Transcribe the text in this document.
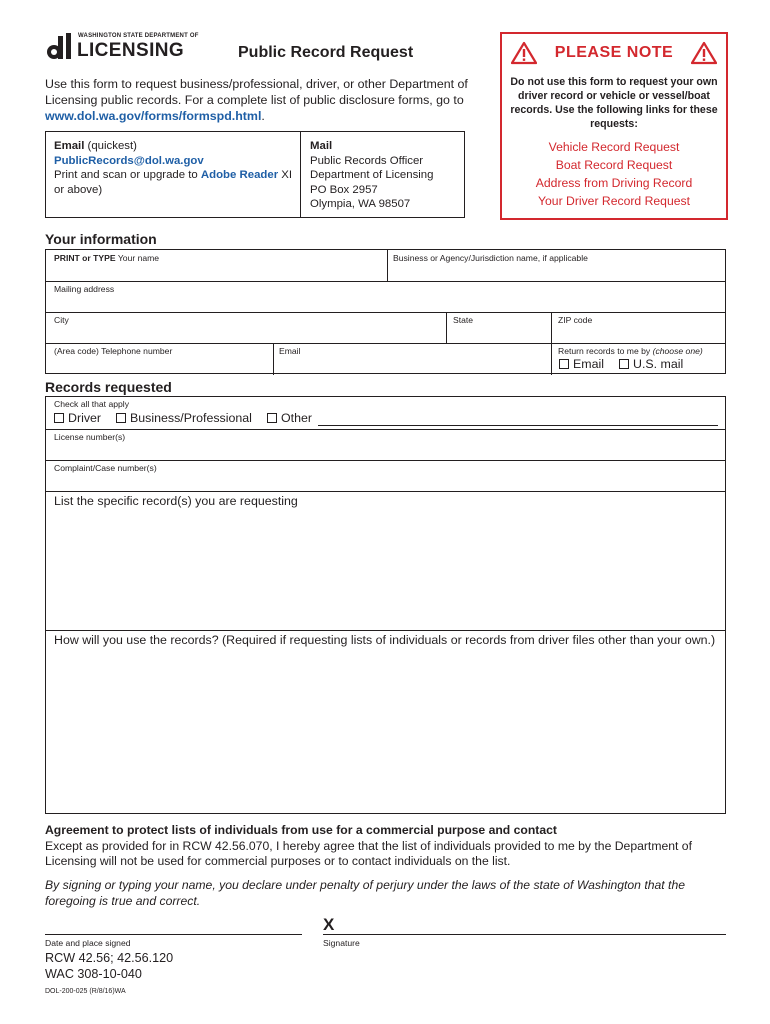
WASHINGTON STATE DEPARTMENT OF
LICENSING	Public Record Request
Use this form to request business/professional, driver, or other Department of Licensing public records. For a complete list of public disclosure forms, go to www.dol.wa.gov/forms/formspd.html.
Email (quickest)
PublicRecords@dol.wa.gov
Print and scan or upgrade to Adobe Reader XI or above)
Mail
Public Records Officer
Department of Licensing
PO Box 2957
Olympia, WA 98507
PLEASE NOTE
Do not use this form to request your own driver record or vehicle or vessel/boat records. Use the following links for these requests:
Vehicle Record Request
Boat Record Request
Address from Driving Record
Your Driver Record Request
Your information
PRINT or TYPE Your name	Business or Agency/Jurisdiction name, if applicable
Mailing address
City	State	ZIP code
(Area code) Telephone number	Email	Return records to me by (choose one)
Email	U.S. mail
Records requested
Check all that apply
Driver	Business/Professional	Other
License number(s)
Complaint/Case number(s)
List the specific record(s) you are requesting
How will you use the records? (Required if requesting lists of individuals or records from driver files other than your own.)
Agreement to protect lists of individuals from use for a commercial purpose and contact
Except as provided for in RCW 42.56.070, I hereby agree that the list of individuals provided to me by the Department of Licensing will not be used for commercial purposes or to contact individuals on the list.
By signing or typing your name, you declare under penalty of perjury under the laws of the state of Washington that the foregoing is true and correct.
X
Date and place signed	Signature
RCW 42.56; 42.56.120
WAC 308-10-040
DOL-200-025 (R/8/16)WA
